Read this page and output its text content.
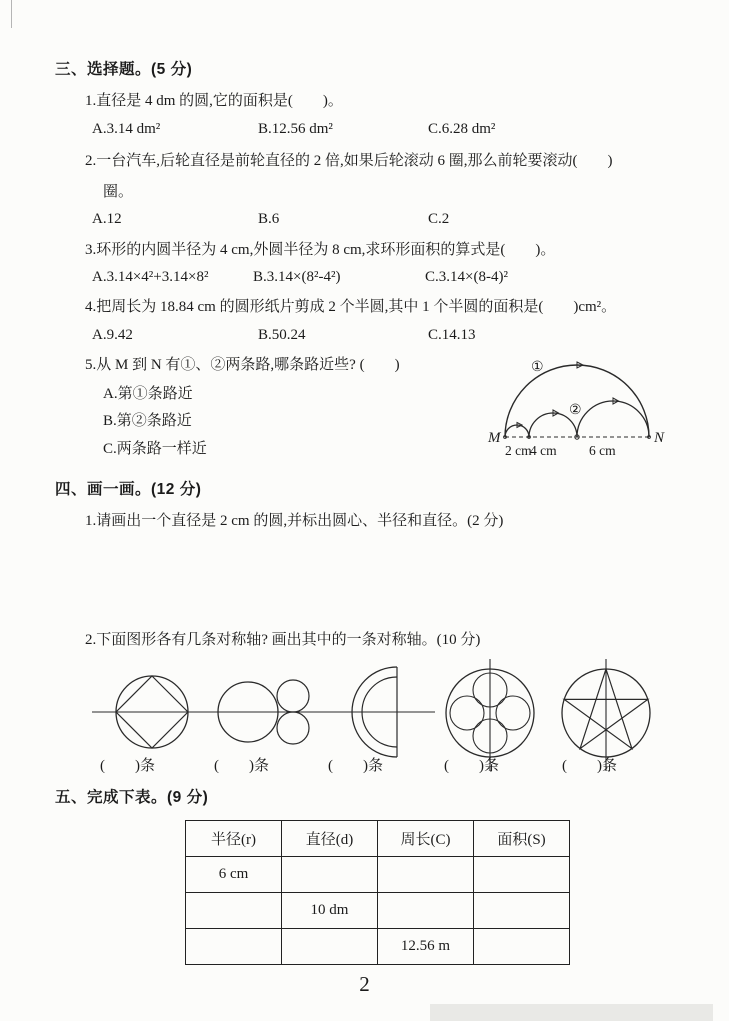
三、选择题。(5 分)
1.直径是 4 dm 的圆,它的面积是(　　)。
A.3.14 dm²	B.12.56 dm²	C.6.28 dm²
2.一台汽车,后轮直径是前轮直径的 2 倍,如果后轮滚动 6 圈,那么前轮要滚动(　　)
圈。
A.12	B.6	C.2
3.环形的内圆半径为 4 cm,外圆半径为 8 cm,求环形面积的算式是(　　)。
A.3.14×4²+3.14×8²	B.3.14×(8²-4²)	C.3.14×(8-4)²
4.把周长为 18.84 cm 的圆形纸片剪成 2 个半圆,其中 1 个半圆的面积是(　　)cm²。
A.9.42	B.50.24	C.14.13
5.从 M 到 N 有①、②两条路,哪条路近些? (　　)
A.第①条路近
B.第②条路近
C.两条路一样近
M	N
①
②
2 cm
4 cm 6 cm
四、画一画。(12 分)
1.请画出一个直径是 2 cm 的圆,并标出圆心、半径和直径。(2 分)
2.下面图形各有几条对称轴? 画出其中的一条对称轴。(10 分)
(　　)条	(　　)条	(　　)条	(　　)条	(　　)条
五、完成下表。(9 分)
半径(r)	直径(d)	周长(C)	面积(S)
6 cm			
	10 dm		
		12.56 m	
2
